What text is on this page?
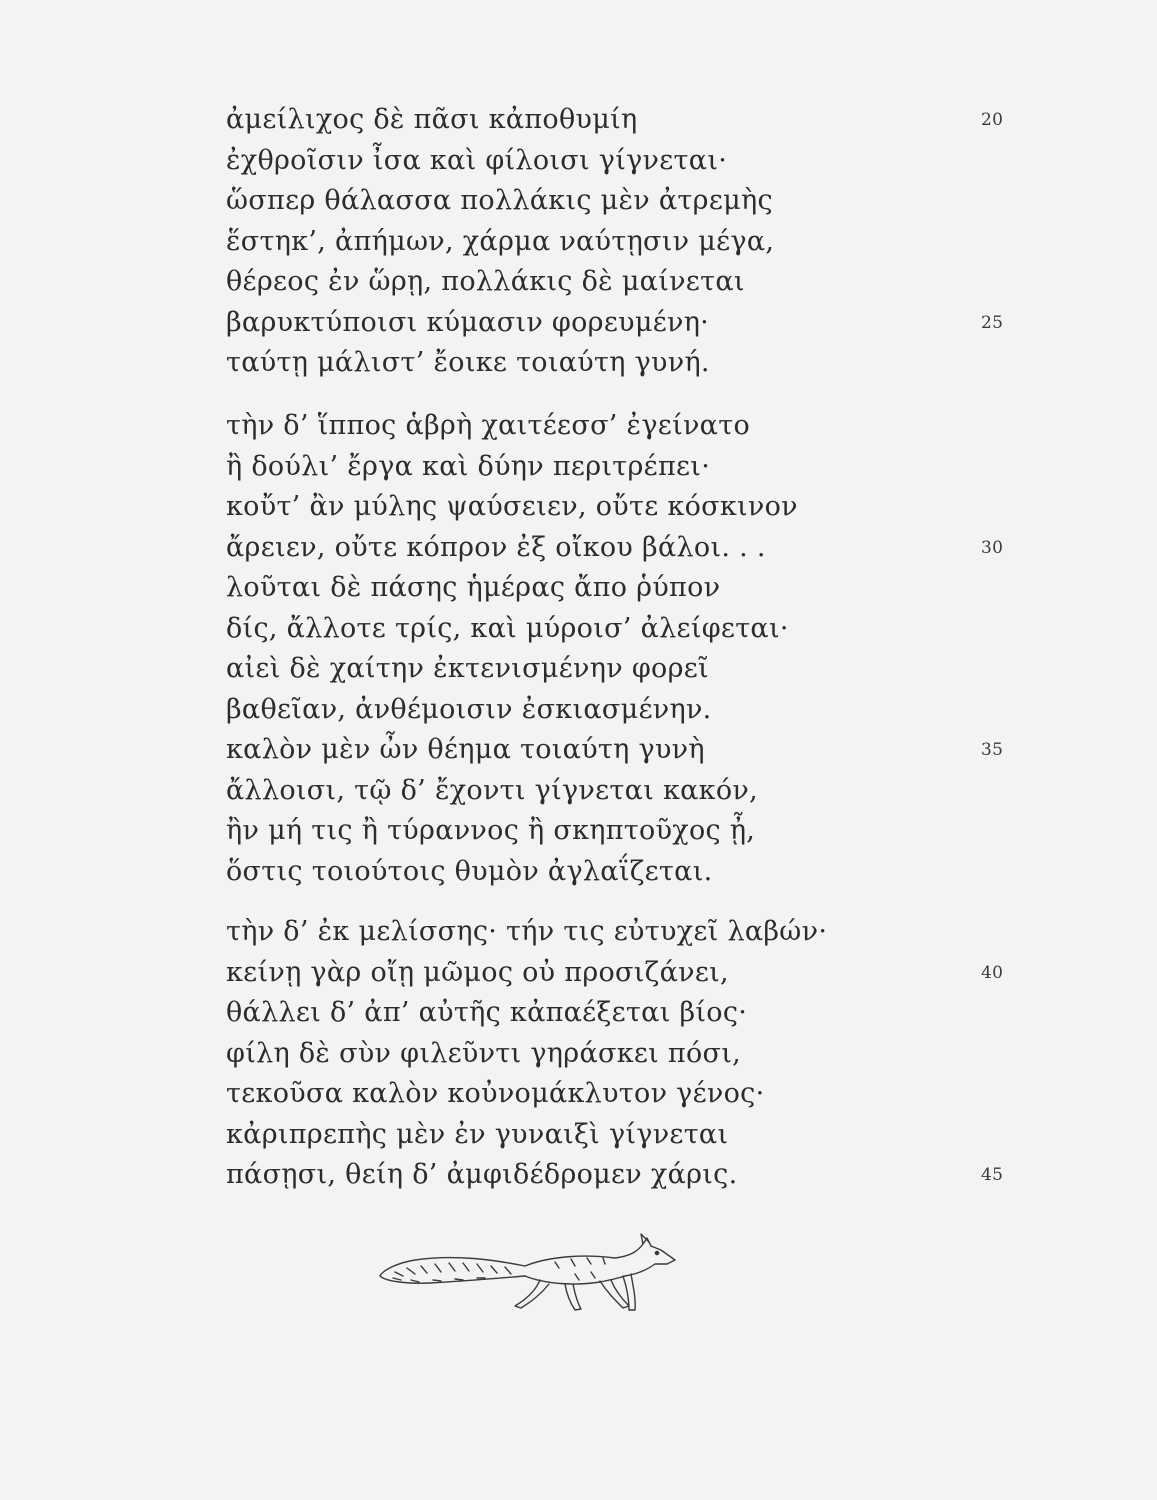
ἀμείλιχος δὲ πᾶσι κἀποθυμίη	20
ἐχθροῖσιν ἶσα καὶ φίλοισι γίγνεται·
ὥσπερ θάλασσα πολλάκις μὲν ἀτρεμὴς
ἕστηκ’, ἀπήμων, χάρμα ναύτῃσιν μέγα,
θέρεος ἐν ὥρῃ, πολλάκις δὲ μαίνεται
βαρυκτύποισι κύμασιν φορευμένη·	25
ταύτῃ μάλιστ’ ἔοικε τοιαύτη γυνή.
τὴν δ’ ἵππος ἁβρὴ χαιτέεσσ’ ἐγείνατο
ἢ δούλι’ ἔργα καὶ δύην περιτρέπει·
κοὔτ’ ἂν μύλης ψαύσειεν, οὔτε κόσκινον
ἄρειεν, οὔτε κόπρον ἐξ οἴκου βάλοι. . .	30
λοῦται δὲ πάσης ἡμέρας ἄπο ῥύπον
δίς, ἄλλοτε τρίς, καὶ μύροισ’ ἀλείφεται·
αἰεὶ δὲ χαίτην ἐκτενισμένην φορεῖ
βαθεῖαν, ἀνθέμοισιν ἐσκιασμένην.
καλὸν μὲν ὦν θέημα τοιαύτη γυνὴ	35
ἄλλοισι, τῷ δ’ ἔχοντι γίγνεται κακόν,
ἢν μή τις ἢ τύραννος ἢ σκηπτοῦχος ᾖ,
ὅστις τοιούτοις θυμὸν ἀγλαΐζεται.
τὴν δ’ ἐκ μελίσσης· τήν τις εὐτυχεῖ λαβών·
κείνῃ γὰρ οἴῃ μῶμος οὐ προσιζάνει,	40
θάλλει δ’ ἀπ’ αὐτῆς κἀπαέξεται βίος·
φίλη δὲ σὺν φιλεῦντι γηράσκει πόσι,
τεκοῦσα καλὸν κοὐνομάκλυτον γένος·
κἀριπρεπὴς μὲν ἐν γυναιξὶ γίγνεται
πάσῃσι, θείη δ’ ἀμφιδέδρομεν χάρις.	45
